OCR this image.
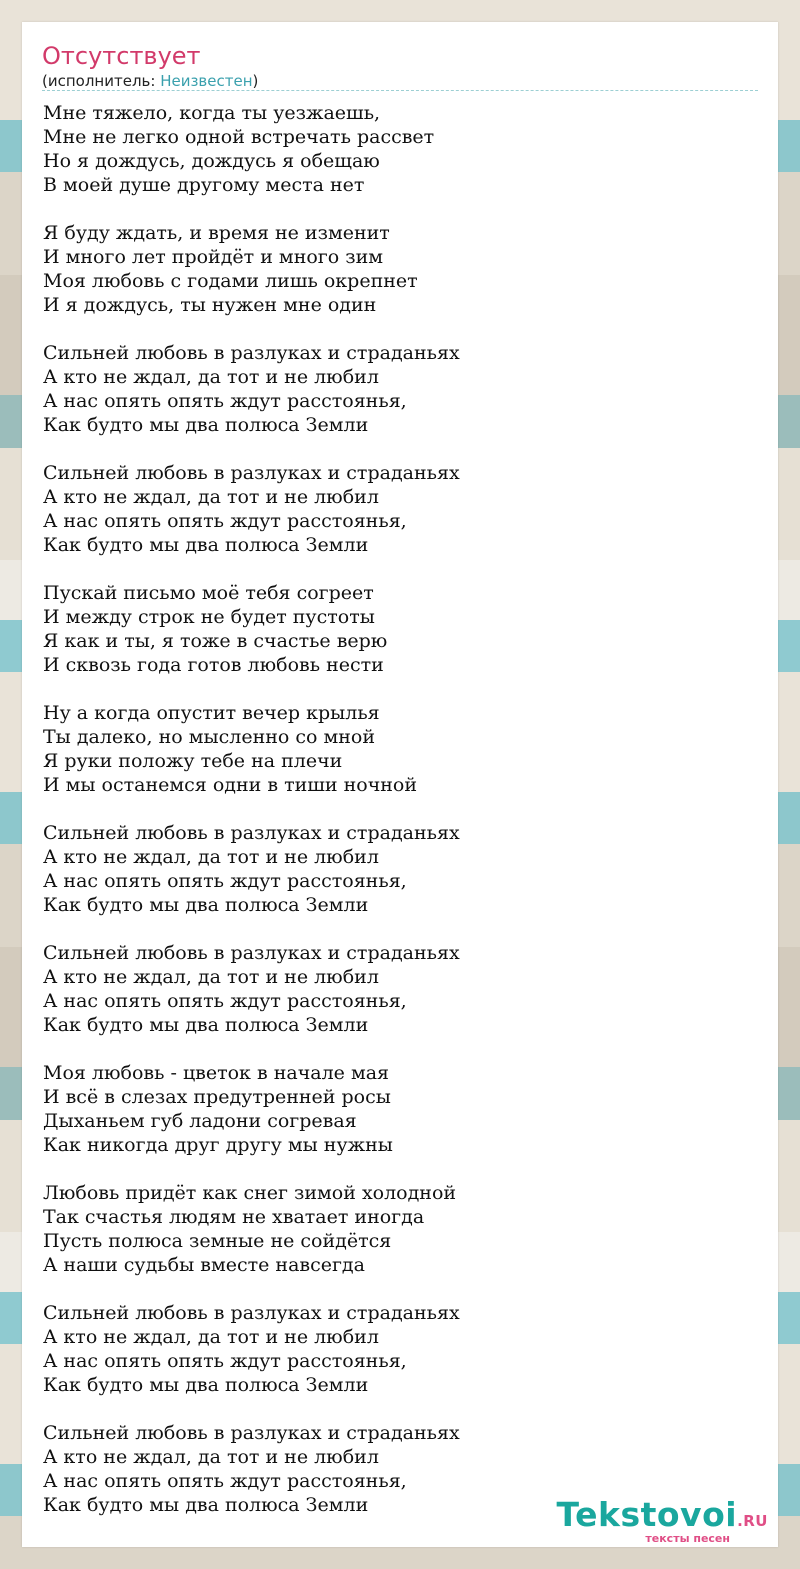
Отсутствует
(исполнитель: Неизвестен)
Мне тяжело, когда ты уезжаешь,
Мне не легко одной встречать рассвет
Но я дождусь, дождусь я обещаю
В моей душе другому места нет
Я буду ждать, и время не изменит
И много лет пройдёт и много зим
Моя любовь с годами лишь окрепнет
И я дождусь, ты нужен мне один
Сильней любовь в разлуках и страданьях
А кто не ждал, да тот и не любил
А нас опять опять ждут расстоянья,
Как будто мы два полюса Земли
Сильней любовь в разлуках и страданьях
А кто не ждал, да тот и не любил
А нас опять опять ждут расстоянья,
Как будто мы два полюса Земли
Пускай письмо моё тебя согреет
И между строк не будет пустоты
Я как и ты, я тоже в счастье верю
И сквозь года готов любовь нести
Ну а когда опустит вечер крылья
Ты далеко, но мысленно со мной
Я руки положу тебе на плечи
И мы останемся одни в тиши ночной
Сильней любовь в разлуках и страданьях
А кто не ждал, да тот и не любил
А нас опять опять ждут расстоянья,
Как будто мы два полюса Земли
Сильней любовь в разлуках и страданьях
А кто не ждал, да тот и не любил
А нас опять опять ждут расстоянья,
Как будто мы два полюса Земли
Моя любовь - цветок в начале мая
И всё в слезах предутренней росы
Дыханьем губ ладони согревая
Как никогда друг другу мы нужны
Любовь придёт как снег зимой холодной
Так счастья людям не хватает иногда
Пусть полюса земные не сойдётся
А наши судьбы вместе навсегда
Сильней любовь в разлуках и страданьях
А кто не ждал, да тот и не любил
А нас опять опять ждут расстоянья,
Как будто мы два полюса Земли
Сильней любовь в разлуках и страданьях
А кто не ждал, да тот и не любил
А нас опять опять ждут расстоянья,
Как будто мы два полюса Земли	Tekstovoi.RU
тексты песен
